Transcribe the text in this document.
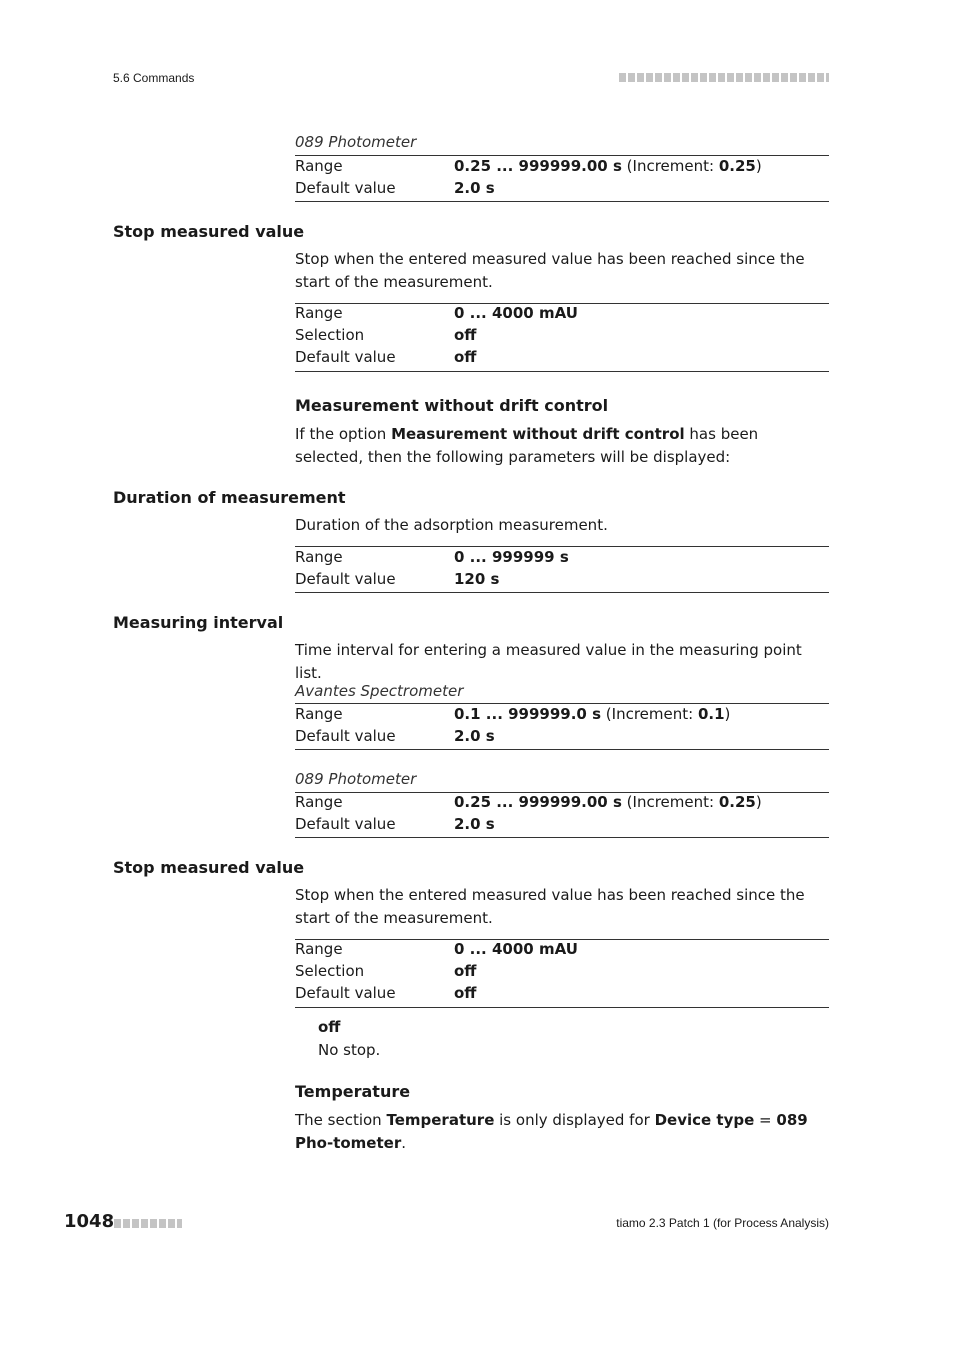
5.6 Commands
089 Photometer
Range	0.25 ... 999999.00 s (Increment: 0.25)
Default value	2.0 s
Stop measured value
Stop when the entered measured value has been reached since the start of the measurement.
Range	0 ... 4000 mAU
Selection	off
Default value	off
Measurement without drift control
If the option Measurement without drift control has been selected, then the following parameters will be displayed:
Duration of measurement
Duration of the adsorption measurement.
Range	0 ... 999999 s
Default value	120 s
Measuring interval
Time interval for entering a measured value in the measuring point list.
Avantes Spectrometer
Range	0.1 ... 999999.0 s (Increment: 0.1)
Default value	2.0 s
089 Photometer
Range	0.25 ... 999999.00 s (Increment: 0.25)
Default value	2.0 s
Stop measured value
Stop when the entered measured value has been reached since the start of the measurement.
Range	0 ... 4000 mAU
Selection	off
Default value	off
off
No stop.
Temperature
The section Temperature is only displayed for Device type = 089 Pho-tometer.
1048	tiamo 2.3 Patch 1 (for Process Analysis)
